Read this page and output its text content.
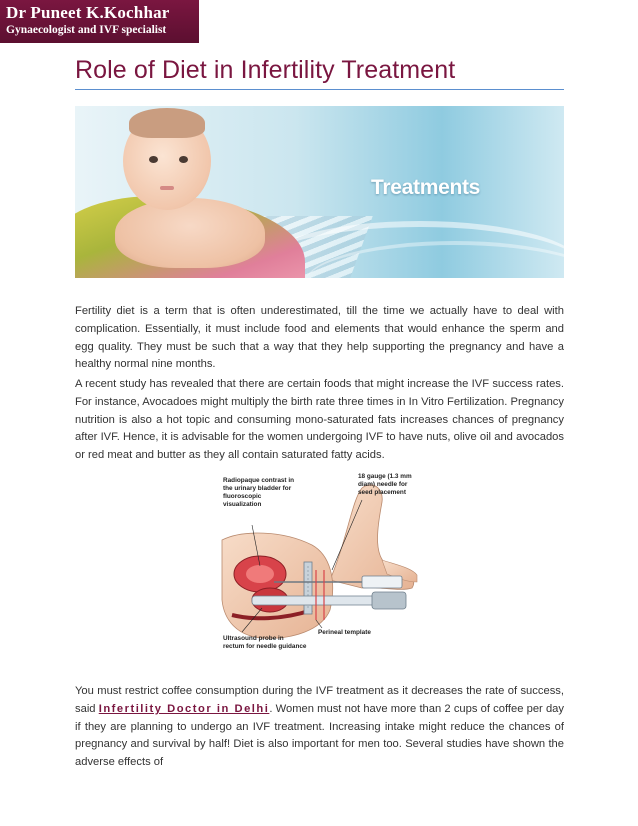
Dr Puneet K.Kochhar
Gynaecologist and IVF specialist
Role of Diet in Infertility Treatment
Treatments

Fertility diet is a term that is often underestimated, till the time we actually have to deal with complication. Essentially, it must include food and elements that would enhance the sperm and egg quality. They must be such that a way that they help supporting the pregnancy and have a healthy normal nine months.

A recent study has revealed that there are certain foods that might increase the IVF success rates. For instance, Avocadoes might multiply the birth rate three times in In Vitro Fertilization. Pregnancy nutrition is also a hot topic and consuming mono-saturated fats increases chances of pregnancy after IVF. Hence, it is advisable for the women undergoing IVF to have nuts, olive oil and avocados or red meat and butter as they all contain saturated fatty acids.

Radiopaque contrast in
the urinary bladder for
fluoroscopic
visualization
18 gauge (1.3 mm
diam) needle for
seed placement
Perineal template
Ultrasound probe in
rectum for needle guidance

You must restrict coffee consumption during the IVF treatment as it decreases the rate of success, said Infertility Doctor in Delhi. Women must not have more than 2 cups of coffee per day if they are planning to undergo an IVF treatment. Increasing intake might reduce the chances of pregnancy and survival by half! Diet is also important for men too. Several studies have shown the adverse effects of
